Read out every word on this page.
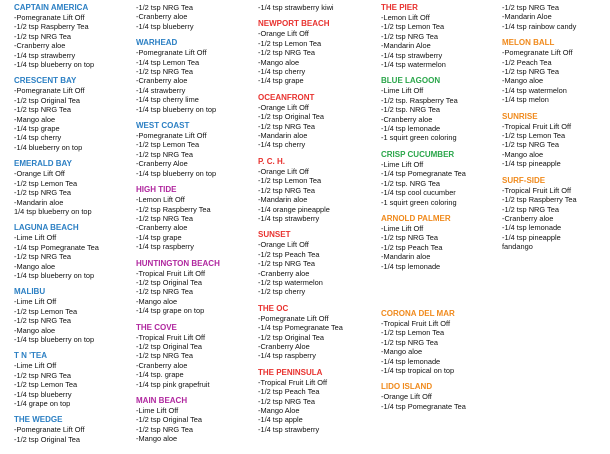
CAPTAIN AMERICA
-Pomegranate Lift Off
-1/2 tsp Raspberry Tea
-1/2 tsp NRG Tea
-Cranberry aloe
-1/4 tsp strawberry
-1/4 tsp blueberry on top
CRESCENT BAY
-Pomegranate Lift Off
-1/2 tsp Original Tea
-1/2 tsp NRG Tea
-Mango aloe
-1/4 tsp grape
-1/4 tsp cherry
-1/4 blueberry on top
EMERALD BAY
-Orange Lift Off
-1/2 tsp Lemon Tea
-1/2 tsp NRG Tea
-Mandarin aloe
1/4 tsp blueberry on top
LAGUNA BEACH
-Lime Lift Off
-1/4 tsp Pomegranate Tea
-1/2 tsp NRG Tea
-Mango aloe
-1/4 tsp blueberry on top
MALIBU
-Lime Lift Off
-1/2 tsp Lemon Tea
-1/2 tsp NRG Tea
-Mango aloe
-1/4 tsp blueberry on top
T N 'TEA
-Lime Lift Off
-1/2 tsp NRG Tea
-1/2 tsp Lemon Tea
-1/4 tsp blueberry
-1/4 grape on top
THE WEDGE
-Pomegranate Lift Off
-1/2 tsp Original Tea
-1/2 tsp NRG Tea
-Cranberry aloe
-1/4 tsp blueberry
WARHEAD
-Pomegranate Lift Off
-1/4 tsp Lemon Tea
-1/2 tsp NRG Tea
-Cranberry aloe
-1/4 strawberry
-1/4 tsp cherry lime
-1/4 tsp blueberry on top
WEST COAST
-Pomegranate Lift Off
-1/2 tsp Lemon Tea
-1/2 tsp NRG Tea
-Cranberry Aloe
-1/4 tsp blueberry on top
HIGH TIDE
-Lemon Lift Off
-1/2 tsp Raspberry Tea
-1/2 tsp NRG Tea
-Cranberry aloe
-1/4 tsp grape
-1/4 tsp raspberry
HUNTINGTON BEACH
-Tropical Fruit Lift Off
-1/2 tsp Original Tea
-1/2 tsp NRG Tea
-Mango aloe
-1/4 tsp grape on top
THE COVE
-Tropical Fruit Lift Off
-1/2 tsp Original Tea
-1/2 tsp NRG Tea
-Cranberry aloe
-1/4 tsp. grape
-1/4 tsp pink grapefruit
MAIN BEACH
-Lime Lift Off
-1/2 tsp Original Tea
-1/2 tsp NRG Tea
-Mango aloe
-1/4 tsp strawberry kiwi
NEWPORT BEACH
-Orange Lift Off
-1/2 tsp Lemon Tea
-1/2 tsp NRG Tea
-Mango aloe
-1/4 tsp cherry
-1/4 tsp grape
OCEANFRONT
-Orange Lift Off
-1/2 tsp Original Tea
-1/2 tsp NRG Tea
-Mandarin aloe
-1/4 tsp cherry
P. C. H.
-Orange Lift Off
-1/2 tsp Lemon Tea
-1/2 tsp NRG Tea
-Mandarin aloe
-1/4 orange pineapple
-1/4 tsp strawberry
SUNSET
-Orange Lift Off
-1/2 tsp Peach Tea
-1/2 tsp NRG Tea
-Cranberry aloe
-1/2 tsp watermelon
-1/2 tsp cherry
THE OC
-Pomegranate Lift Off
-1/4 tsp Pomegranate Tea
-1/2 tsp Original Tea
-Cranberry Aloe
-1/4 tsp raspberry
THE PENINSULA
-Tropical Fruit Lift Off
-1/2 tsp Peach Tea
-1/2 tsp NRG Tea
-Mango Aloe
-1/4 tsp apple
-1/4 tsp strawberry
THE PIER
-Lemon Lift Off
-1/2 tsp Lemon Tea
-1/2 tsp NRG Tea
-Mandarin Aloe
-1/4 tsp strawberry
-1/4 tsp watermelon
BLUE LAGOON
-Lime Lift Off
-1/2 tsp. Raspberry Tea
-1/2 tsp. NRG Tea
-Cranberry aloe
-1/4 tsp lemonade
-1 squirt green coloring
CRISP CUCUMBER
-Lime Lift Off
-1/4 tsp Pomegranate Tea
-1/2 tsp. NRG Tea
-1/4 tsp cool cucumber
-1 squirt green coloring
ARNOLD PALMER
-Lime Lift Off
-1/2 tsp NRG Tea
-1/2 tsp Peach Tea
-Mandarin aloe
-1/4 tsp lemonade
CORONA DEL MAR
-Tropical Fruit Lift Off
-1/2 tsp Lemon Tea
-1/2 tsp NRG Tea
-Mango aloe
-1/4 tsp lemonade
-1/4 tsp tropical on top
LIDO ISLAND
-Orange Lift Off
-1/4 tsp Pomegranate Tea
-1/2 tsp NRG Tea
-Mandarin Aloe
-1/4 tsp rainbow candy
MELON BALL
-Pomegranate Lift Off
-1/2 Peach Tea
-1/2 tsp NRG Tea
-Mango aloe
-1/4 tsp watermelon
-1/4 tsp melon
SUNRISE
-Tropical Fruit Lift Off
-1/2 tsp Lemon Tea
-1/2 tsp NRG Tea
-Mango aloe
-1/4 tsp pineapple
SURF-SIDE
-Tropical Fruit Lift Off
-1/2 tsp Raspberry Tea
-1/2 tsp NRG Tea
-Cranberry aloe
-1/4 tsp lemonade
-1/4 tsp pineapple
fandango
